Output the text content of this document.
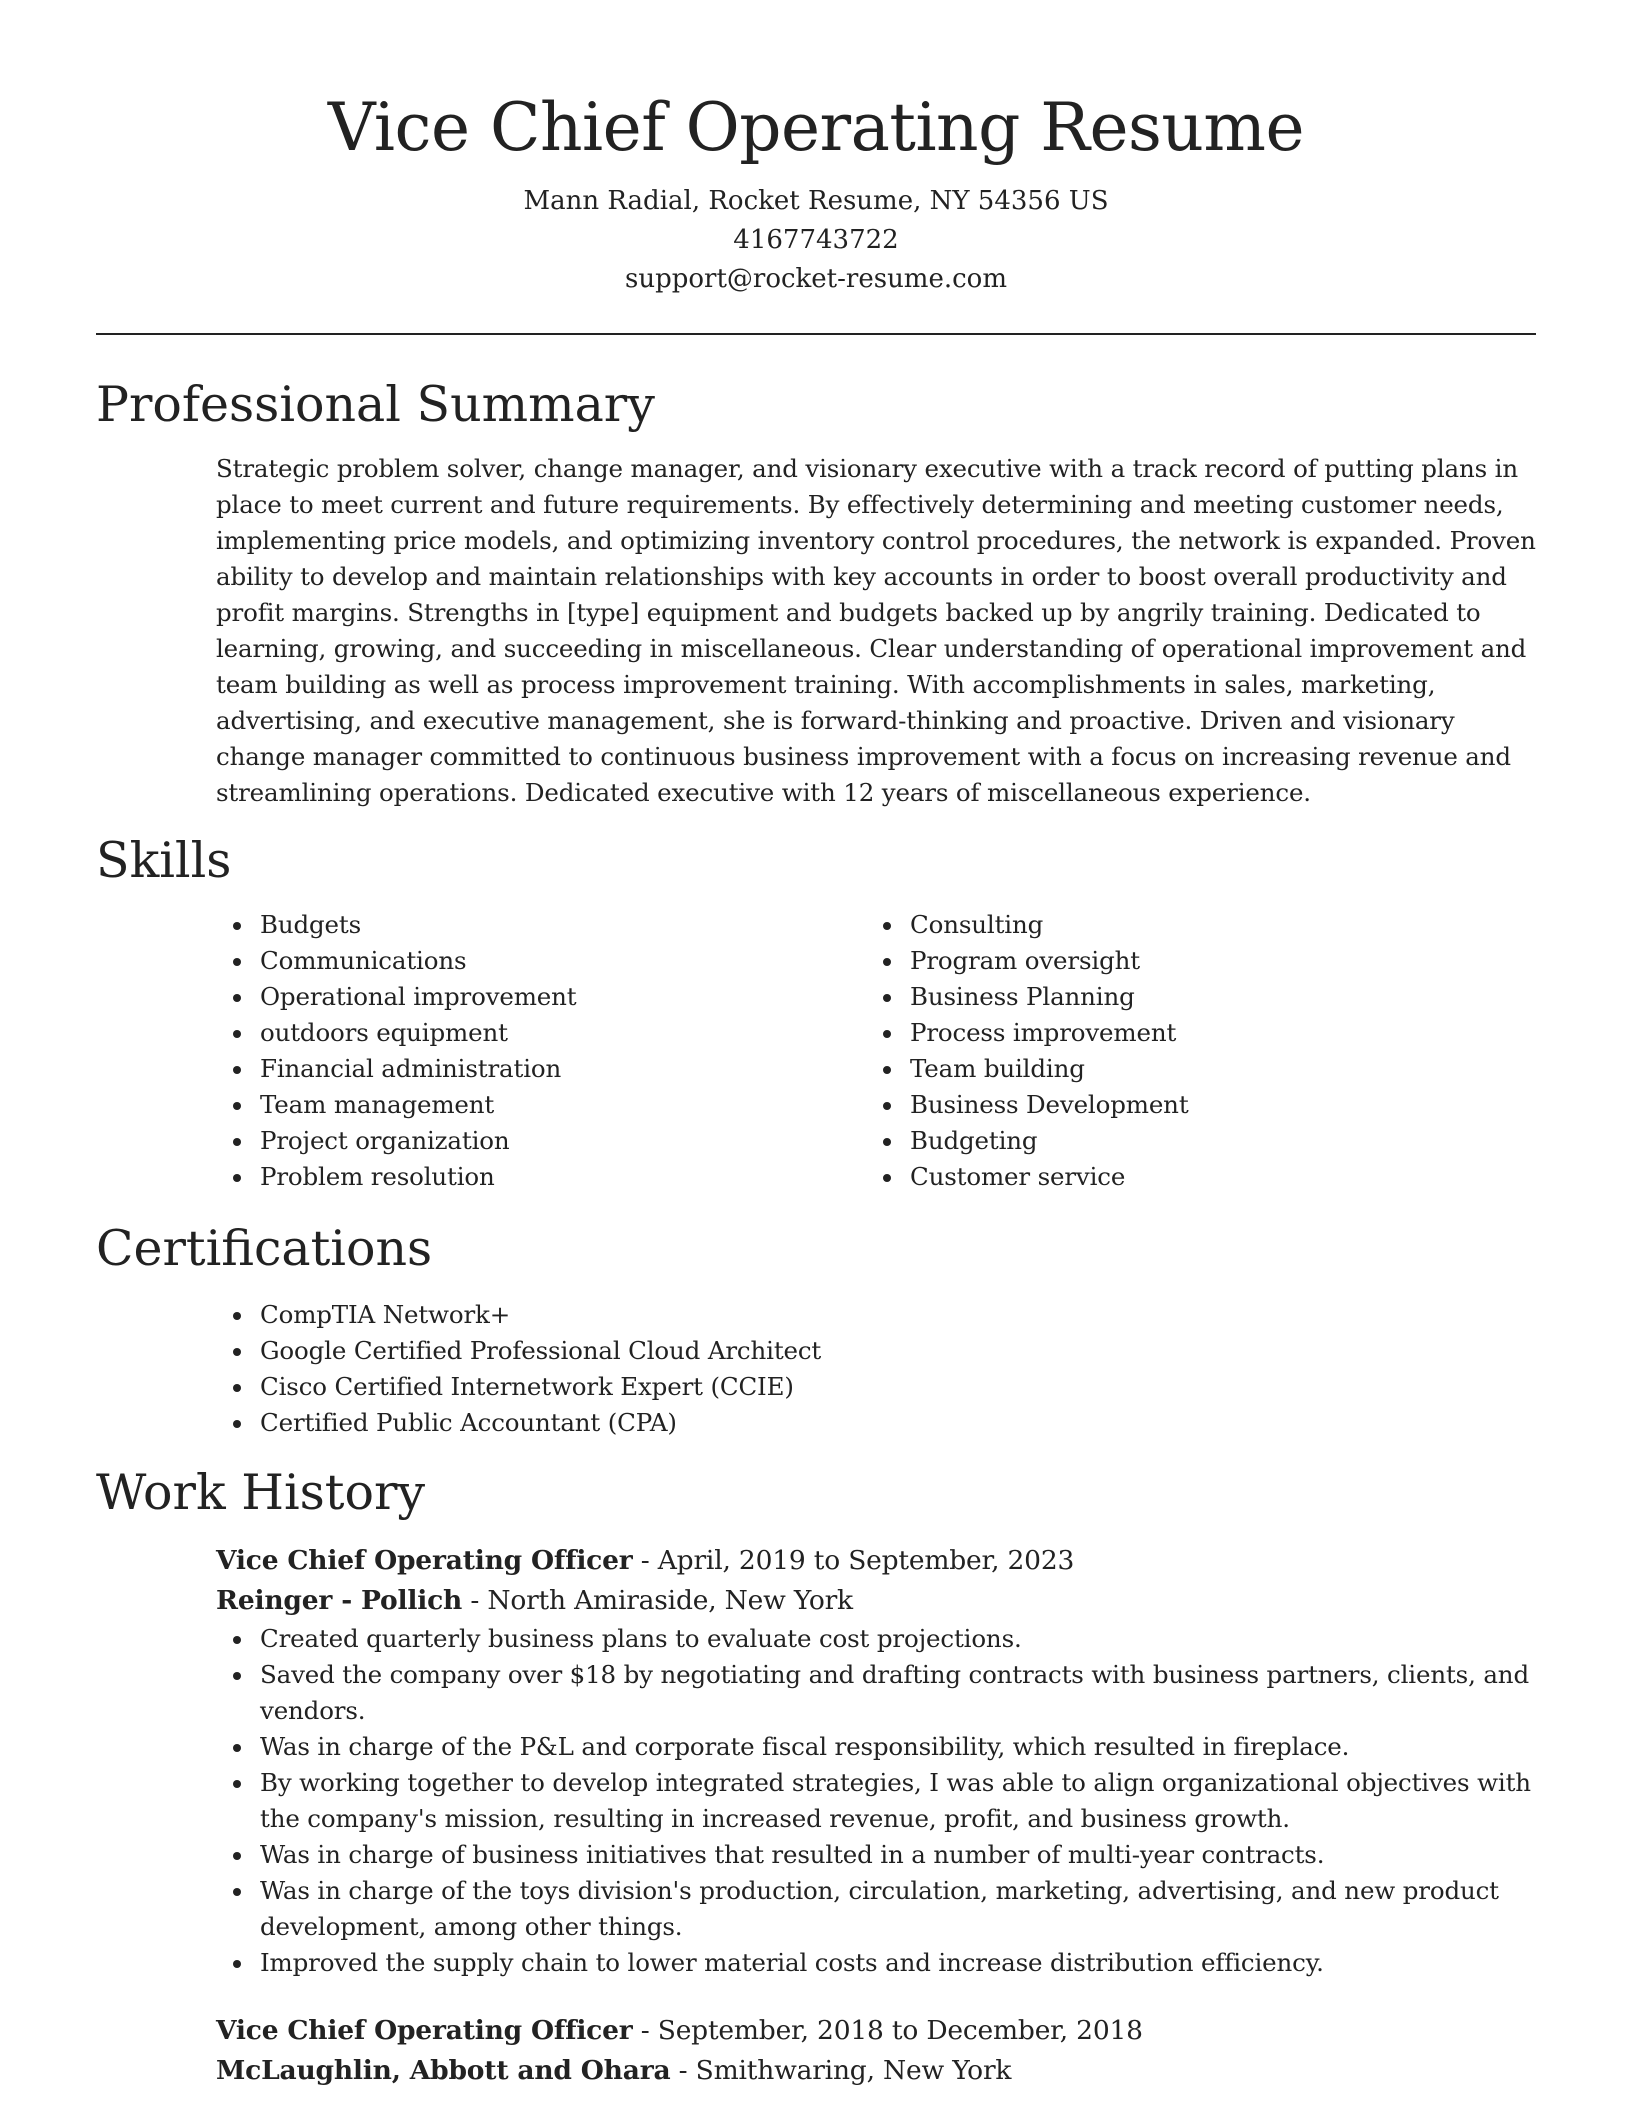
Vice Chief Operating Resume
Mann Radial, Rocket Resume, NY 54356 US
4167743722
support@rocket-resume.com
Professional Summary
Strategic problem solver, change manager, and visionary executive with a track record of putting plans in place to meet current and future requirements. By effectively determining and meeting customer needs, implementing price models, and optimizing inventory control procedures, the network is expanded. Proven ability to develop and maintain relationships with key accounts in order to boost overall productivity and profit margins. Strengths in [type] equipment and budgets backed up by angrily training. Dedicated to learning, growing, and succeeding in miscellaneous. Clear understanding of operational improvement and team building as well as process improvement training. With accomplishments in sales, marketing, advertising, and executive management, she is forward-thinking and proactive. Driven and visionary change manager committed to continuous business improvement with a focus on increasing revenue and streamlining operations. Dedicated executive with 12 years of miscellaneous experience.
Skills
Budgets
Communications
Operational improvement
outdoors equipment
Financial administration
Team management
Project organization
Problem resolution
Consulting
Program oversight
Business Planning
Process improvement
Team building
Business Development
Budgeting
Customer service
Certifications
CompTIA Network+
Google Certified Professional Cloud Architect
Cisco Certified Internetwork Expert (CCIE)
Certified Public Accountant (CPA)
Work History
Vice Chief Operating Officer - April, 2019 to September, 2023
Reinger - Pollich - North Amiraside, New York
Created quarterly business plans to evaluate cost projections.
Saved the company over $18 by negotiating and drafting contracts with business partners, clients, and vendors.
Was in charge of the P&L and corporate fiscal responsibility, which resulted in fireplace.
By working together to develop integrated strategies, I was able to align organizational objectives with the company's mission, resulting in increased revenue, profit, and business growth.
Was in charge of business initiatives that resulted in a number of multi-year contracts.
Was in charge of the toys division's production, circulation, marketing, advertising, and new product development, among other things.
Improved the supply chain to lower material costs and increase distribution efficiency.
Vice Chief Operating Officer - September, 2018 to December, 2018
McLaughlin, Abbott and Ohara - Smithwaring, New York
